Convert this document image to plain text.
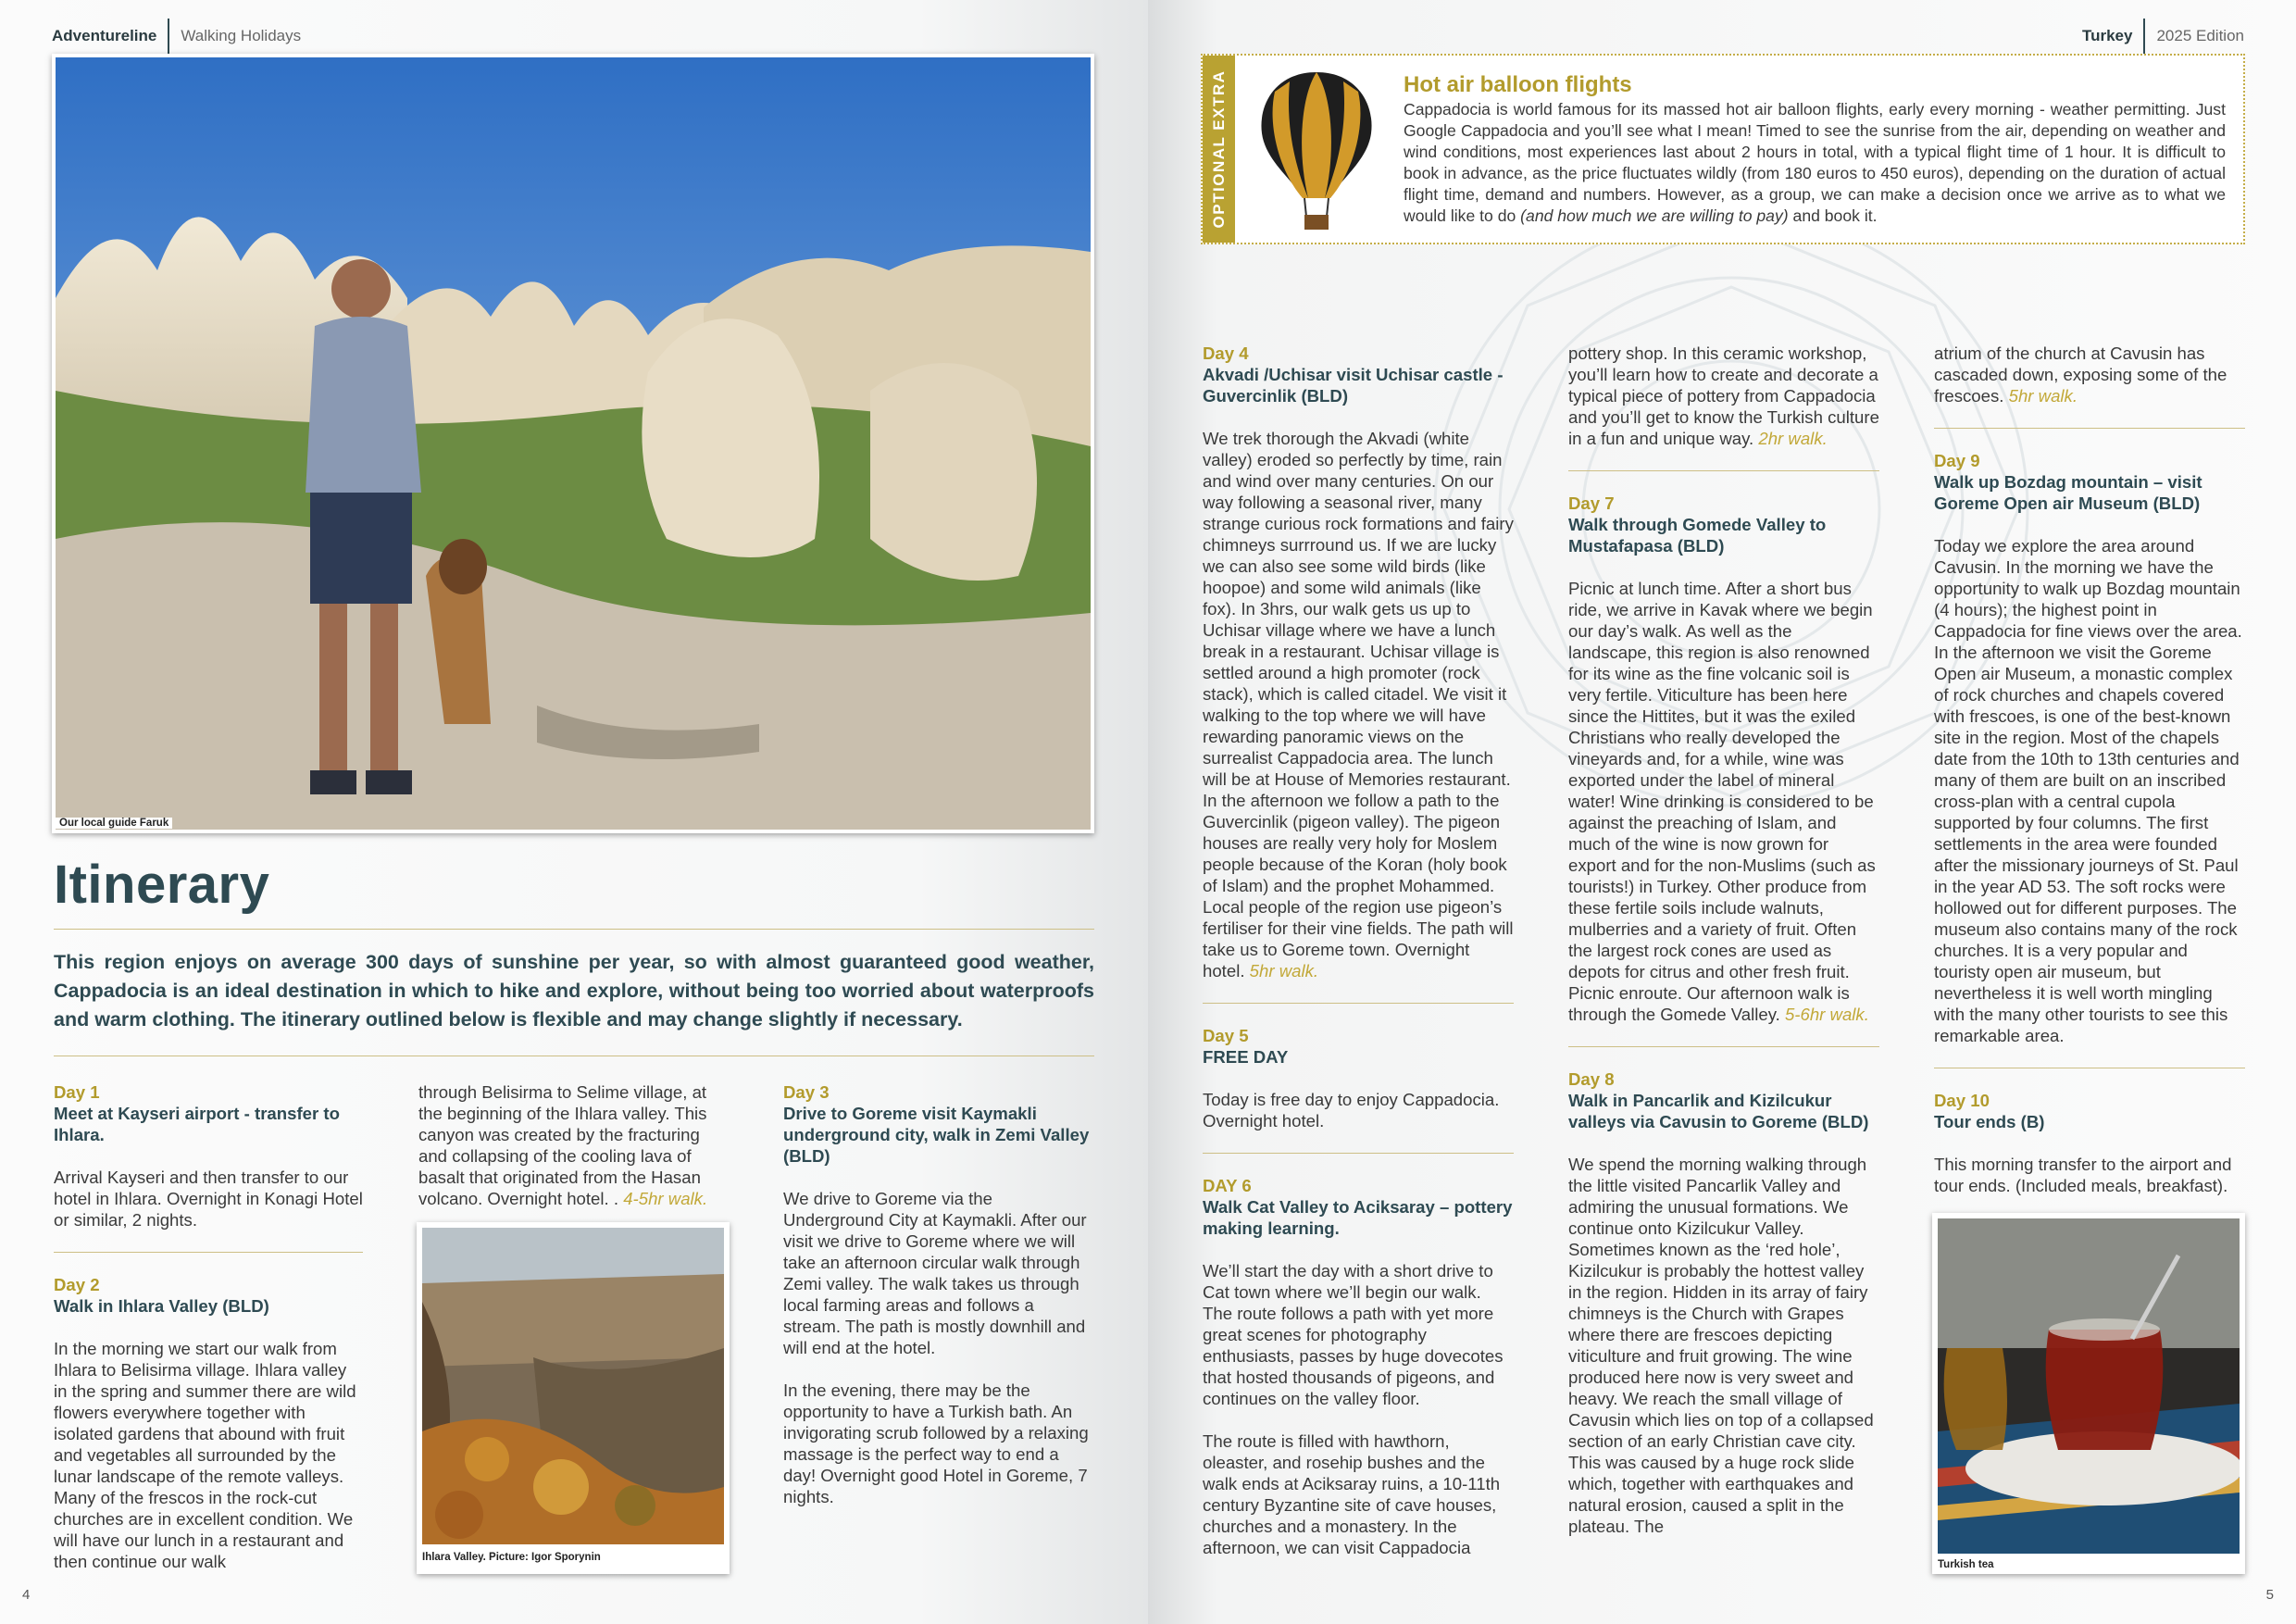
Adventureline Walking Holidays
Our local guide Faruk
Itinerary
This region enjoys on average 300 days of sunshine per year, so with almost guaranteed good weather, Cappadocia is an ideal destination in which to hike and explore, without being too worried about waterproofs and warm clothing. The itinerary outlined below is flexible and may change slightly if necessary.
Day 1
Meet at Kayseri airport - transfer to Ihlara.

Arrival Kayseri and then transfer to our hotel in Ihlara. Overnight in Konagi Hotel or similar, 2 nights.

Day 2
Walk in Ihlara Valley (BLD)

In the morning we start our walk from Ihlara to Belisirma village. Ihlara valley in the spring and summer there are wild flowers everywhere together with isolated gardens that abound with fruit and vegetables all surrounded by the lunar landscape of the remote valleys. Many of the frescos in the rock-cut churches are in excellent condition. We will have our lunch in a restaurant and then continue our walk

through Belisirma to Selime village, at the beginning of the Ihlara valley. This canyon was created by the fracturing and collapsing of the cooling lava of basalt that originated from the Hasan volcano. Overnight hotel. . 4-5hr walk.

Ihlara Valley. Picture: Igor Sporynin
Day 3
Drive to Goreme visit Kaymakli underground city, walk in Zemi Valley (BLD)

We drive to Goreme via the Underground City at Kaymakli. After our visit we drive to Goreme where we will take an afternoon circular walk through Zemi valley. The walk takes us through local farming areas and follows a stream. The path is mostly downhill and will end at the hotel.

In the evening, there may be the opportunity to have a Turkish bath. An invigorating scrub followed by a relaxing massage is the perfect way to end a day! Overnight good Hotel in Goreme, 7 nights.

4
Turkey 2025 Edition
OPTIONAL EXTRA	Hot air balloon flights
Cappadocia is world famous for its massed hot air balloon flights, early every morning - weather permitting. Just Google Cappadocia and you’ll see what I mean! Timed to see the sunrise from the air, depending on weather and wind conditions, most experiences last about 2 hours in total, with a typical flight time of 1 hour. It is difficult to book in advance, as the price fluctuates wildly (from 180 euros to 450 euros), depending on the duration of actual flight time, demand and numbers. However, as a group, we can make a decision once we arrive as to what we would like to do (and how much we are willing to pay) and book it.
Day 4
Akvadi /Uchisar visit Uchisar castle - Guvercinlik (BLD)

We trek thorough the Akvadi (white valley) eroded so perfectly by time, rain and wind over many centuries. On our way following a seasonal river, many strange curious rock formations and fairy chimneys surrround us. If we are lucky we can also see some wild birds (like hoopoe) and some wild animals (like fox). In 3hrs, our walk gets us up to Uchisar village where we have a lunch break in a restaurant. Uchisar village is settled around a high promoter (rock stack), which is called citadel. We visit it walking to the top where we will have rewarding panoramic views on the surrealist Cappadocia area. The lunch will be at House of Memories restaurant. In the afternoon we follow a path to the Guvercinlik (pigeon valley). The pigeon houses are really very holy for Moslem people because of the Koran (holy book of Islam) and the prophet Mohammed. Local people of the region use pigeon’s fertiliser for their vine fields. The path will take us to Goreme town. Overnight hotel. 5hr walk.

Day 5
FREE DAY

Today is free day to enjoy Cappadocia. Overnight hotel.

DAY 6
Walk Cat Valley to Aciksaray – pottery making learning.

We’ll start the day with a short drive to Cat town where we’ll begin our walk. The route follows a path with yet more great scenes for photography enthusiasts, passes by huge dovecotes that hosted thousands of pigeons, and continues on the valley floor.

The route is filled with hawthorn, oleaster, and rosehip bushes and the walk ends at Aciksaray ruins, a 10-11th century Byzantine site of cave houses, churches and a monastery. In the afternoon, we can visit Cappadocia

pottery shop. In this ceramic workshop, you’ll learn how to create and decorate a typical piece of pottery from Cappadocia and you’ll get to know the Turkish culture in a fun and unique way. 2hr walk.

Day 7
Walk through Gomede Valley to Mustafapasa (BLD)

Picnic at lunch time. After a short bus ride, we arrive in Kavak where we begin our day’s walk. As well as the landscape, this region is also renowned for its wine as the fine volcanic soil is very fertile. Viticulture has been here since the Hittites, but it was the exiled Christians who really developed the vineyards and, for a while, wine was exported under the label of mineral water! Wine drinking is considered to be against the preaching of Islam, and much of the wine is now grown for export and for the non-Muslims (such as tourists!) in Turkey. Other produce from these fertile soils include walnuts, mulberries and a variety of fruit. Often the largest rock cones are used as depots for citrus and other fresh fruit. Picnic enroute. Our afternoon walk is through the Gomede Valley. 5-6hr walk.

Day 8
Walk in Pancarlik and Kizilcukur valleys via Cavusin to Goreme (BLD)

We spend the morning walking through the little visited Pancarlik Valley and admiring the unusual formations. We continue onto Kizilcukur Valley. Sometimes known as the ‘red hole’, Kizilcukur is probably the hottest valley in the region. Hidden in its array of fairy chimneys is the Church with Grapes where there are frescoes depicting viticulture and fruit growing. The wine produced here now is very sweet and heavy. We reach the small village of Cavusin which lies on top of a collapsed section of an early Christian cave city. This was caused by a huge rock slide which, together with earthquakes and natural erosion, caused a split in the plateau. The

atrium of the church at Cavusin has cascaded down, exposing some of the frescoes. 5hr walk.

Day 9
Walk up Bozdag mountain – visit Goreme Open air Museum (BLD)

Today we explore the area around Cavusin. In the morning we have the opportunity to walk up Bozdag mountain (4 hours); the highest point in Cappadocia for fine views over the area. In the afternoon we visit the Goreme Open air Museum, a monastic complex of rock churches and chapels covered with frescoes, is one of the best-known site in the region. Most of the chapels date from the 10th to 13th centuries and many of them are built on an inscribed cross-plan with a central cupola supported by four columns. The first settlements in the area were founded after the missionary journeys of St. Paul in the year AD 53. The soft rocks were hollowed out for different purposes. The museum also contains many of the rock churches. It is a very popular and touristy open air museum, but nevertheless it is well worth mingling with the many other tourists to see this remarkable area.

Day 10
Tour ends (B)

This morning transfer to the airport and tour ends. (Included meals, breakfast).

Turkish tea
5
